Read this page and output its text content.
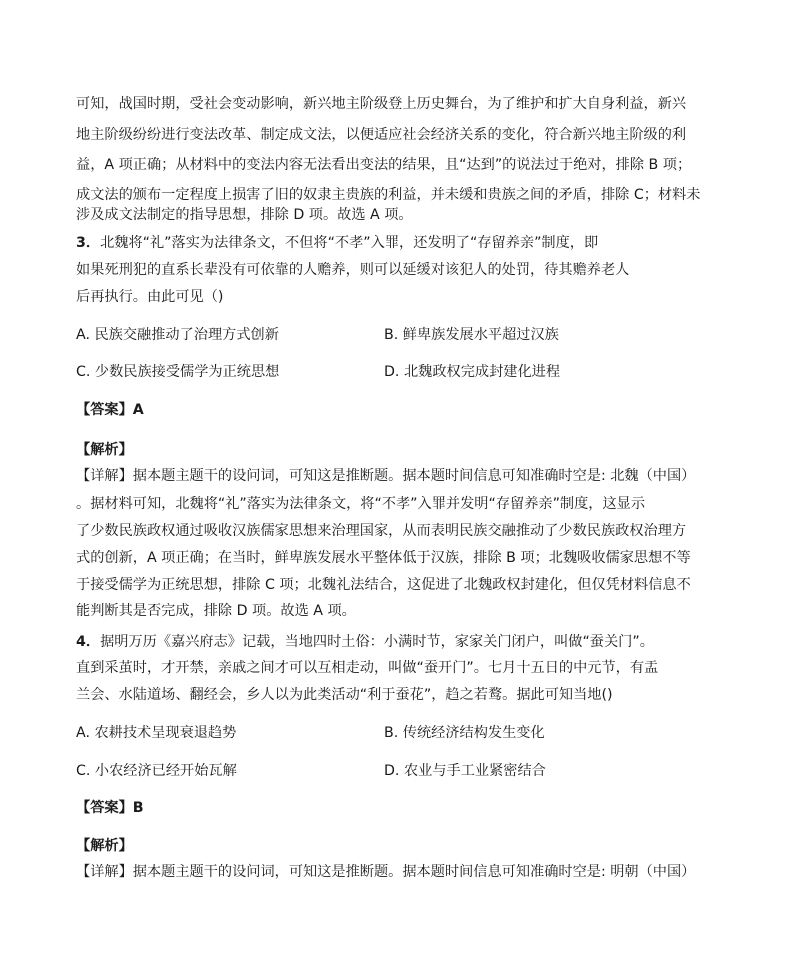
可知，战国时期，受社会变动影响，新兴地主阶级登上历史舞台，为了维护和扩大自身利益，新兴
地主阶级纷纷进行变法改革、制定成文法，以便适应社会经济关系的变化，符合新兴地主阶级的利
益，A 项正确；从材料中的变法内容无法看出变法的结果，且“达到”的说法过于绝对，排除 B 项；
成文法的颁布一定程度上损害了旧的奴隶主贵族的利益，并未缓和贵族之间的矛盾，排除 C；材料未
涉及成文法制定的指导思想，排除 D 项。故选 A 项。
3．北魏将“礼”落实为法律条文，不但将“不孝”入罪，还发明了“存留养亲”制度，即
如果死刑犯的直系长辈没有可依靠的人赡养，则可以延缓对该犯人的处罚，待其赡养老人
后再执行。由此可见（)
A. 民族交融推动了治理方式创新	B. 鲜卑族发展水平超过汉族
C. 少数民族接受儒学为正统思想	D. 北魏政权完成封建化进程
【答案】A
【解析】
【详解】据本题主题干的设问词，可知这是推断题。据本题时间信息可知准确时空是: 北魏（中国）
。据材料可知，北魏将“礼”落实为法律条文，将“不孝”入罪并发明“存留养亲”制度，这显示
了少数民族政权通过吸收汉族儒家思想来治理国家，从而表明民族交融推动了少数民族政权治理方
式的创新，A 项正确；在当时，鲜卑族发展水平整体低于汉族，排除 B 项；北魏吸收儒家思想不等
于接受儒学为正统思想，排除 C 项；北魏礼法结合，这促进了北魏政权封建化，但仅凭材料信息不
能判断其是否完成，排除 D 项。故选 A 项。
4．据明万历《嘉兴府志》记载，当地四时土俗：小满时节，家家关门闭户，叫做“蚕关门”。
直到采茧时，才开禁，亲戚之间才可以互相走动，叫做“蚕开门”。七月十五日的中元节，有盂
兰会、水陆道场、翻经会，乡人以为此类活动“利于蚕花”，趋之若鹜。据此可知当地()
A. 农耕技术呈现衰退趋势	B. 传统经济结构发生变化
C. 小农经济已经开始瓦解	D. 农业与手工业紧密结合
【答案】B
【解析】
【详解】据本题主题干的设问词，可知这是推断题。据本题时间信息可知准确时空是: 明朝（中国）
